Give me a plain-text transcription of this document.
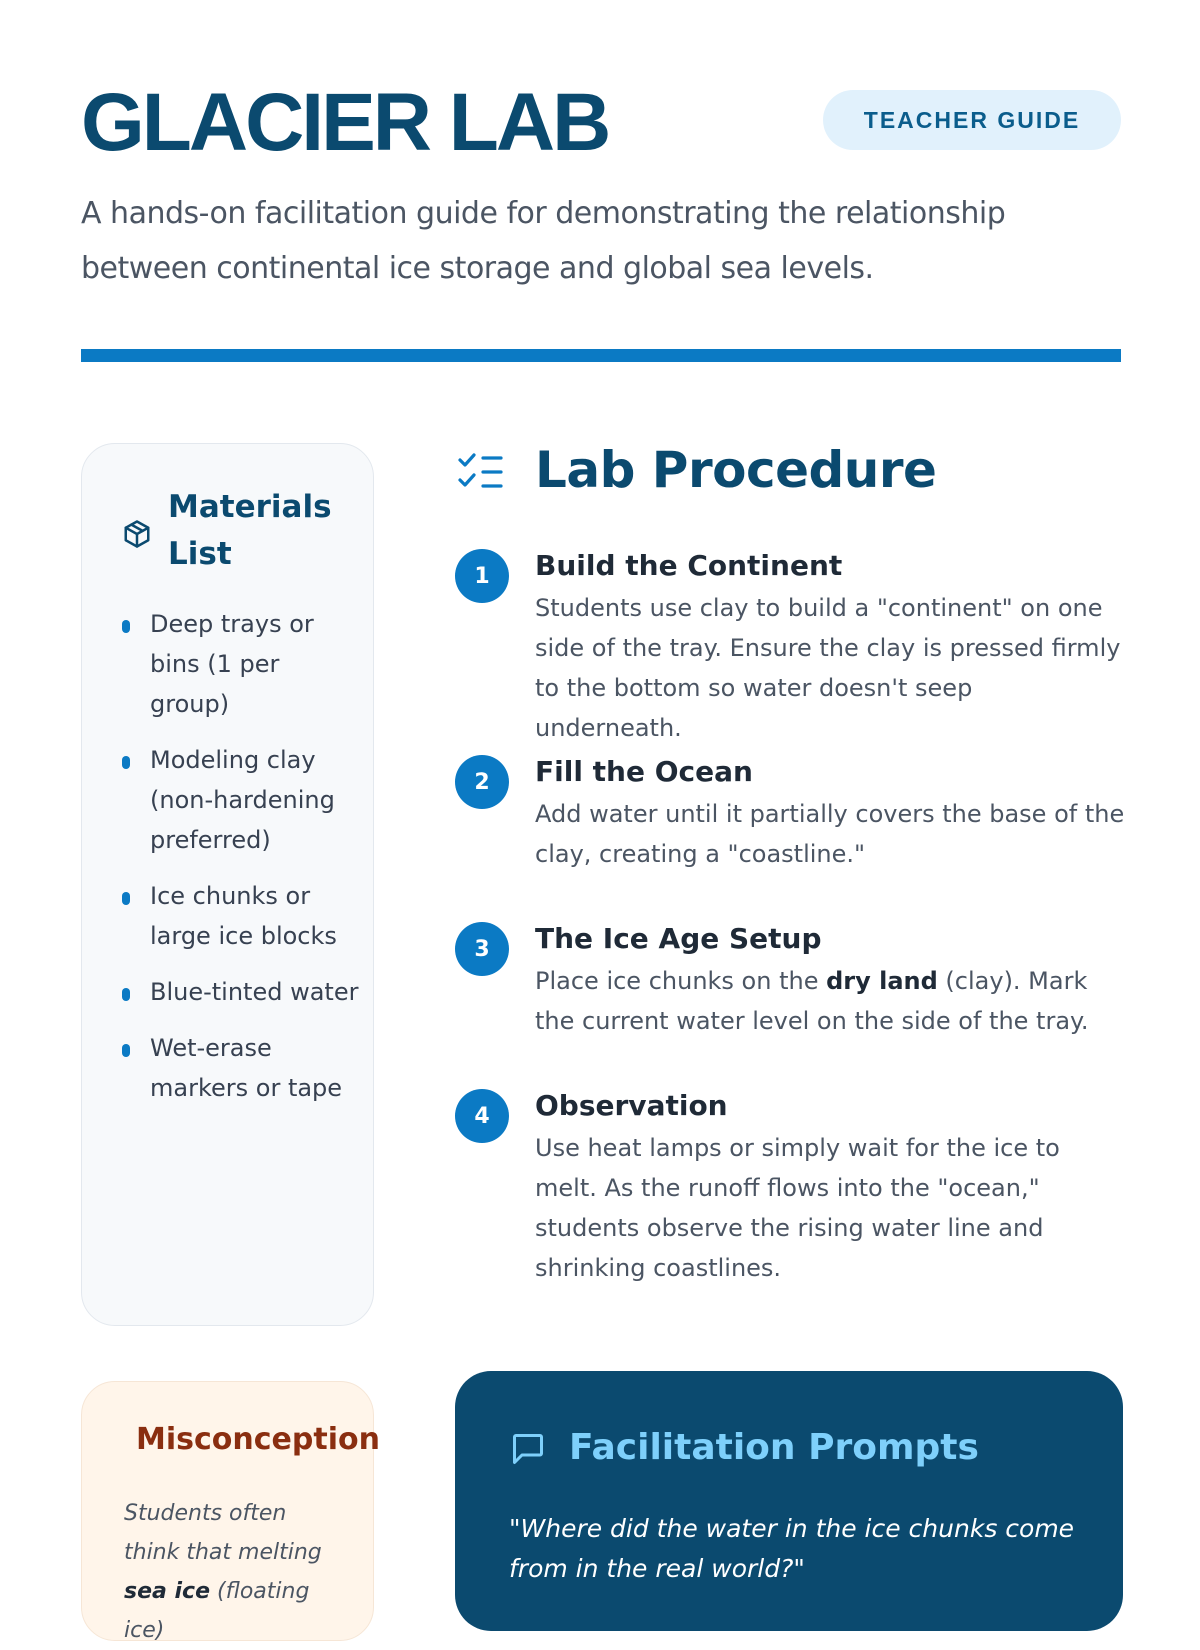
GLACIER LAB	TEACHER GUIDE

A hands-on facilitation guide for demonstrating the relationship between continental ice storage and global sea levels.

Materials List
Deep trays or bins (1 per group)
Modeling clay (non-hardening preferred)
Ice chunks or large ice blocks
Blue-tinted water
Wet-erase markers or tape
Lab Procedure
1	Build the Continent
Students use clay to build a "continent" on one side of the tray. Ensure the clay is pressed firmly to the bottom so water doesn't seep underneath.
2	Fill the Ocean
Add water until it partially covers the base of the clay, creating a "coastline."
3	The Ice Age Setup
Place ice chunks on the dry land (clay). Mark the current water level on the side of the tray.
4	Observation
Use heat lamps or simply wait for the ice to melt. As the runoff flows into the "ocean," students observe the rising water line and shrinking coastlines.
Misconception

Students often think that melting sea ice (floating ice)

Facilitation Prompts

"Where did the water in the ice chunks come from in the real world?"
